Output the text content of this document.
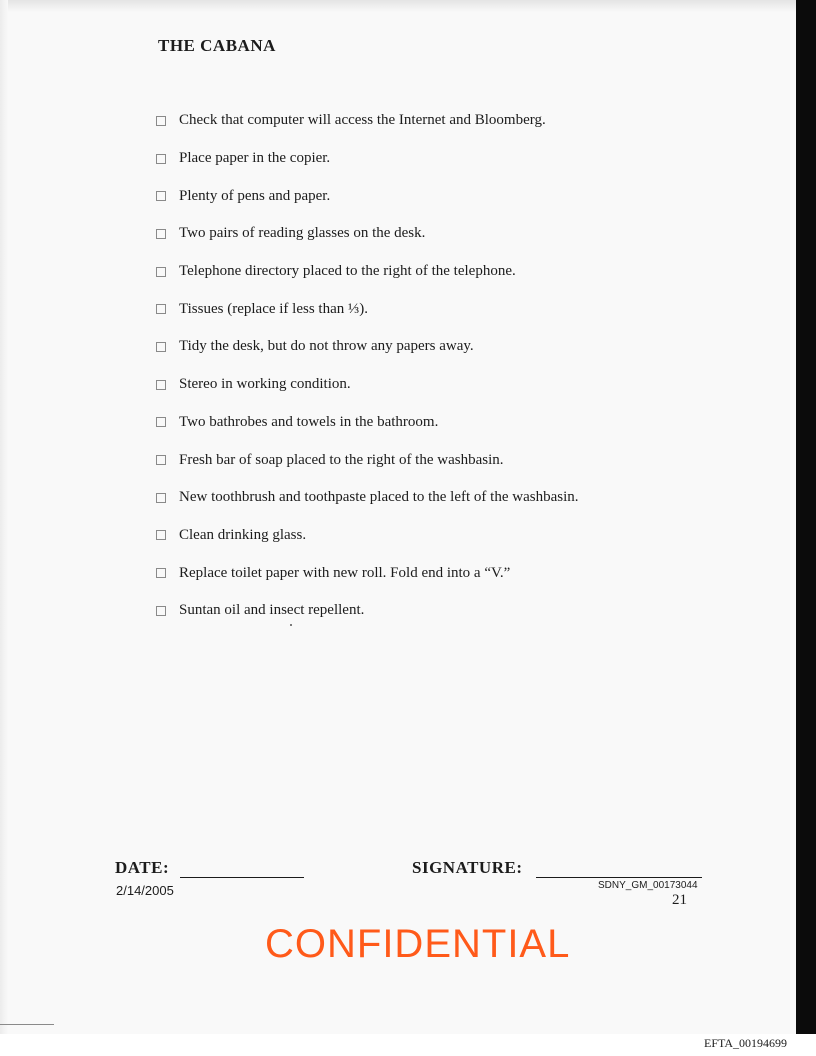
THE CABANA
Check that computer will access the Internet and Bloomberg.
Place paper in the copier.
Plenty of pens and paper.
Two pairs of reading glasses on the desk.
Telephone directory placed to the right of the telephone.
Tissues (replace if less than ⅓).
Tidy the desk, but do not throw any papers away.
Stereo in working condition.
Two bathrobes and towels in the bathroom.
Fresh bar of soap placed to the right of the washbasin.
New toothbrush and toothpaste placed to the left of the washbasin.
Clean drinking glass.
Replace toilet paper with new roll. Fold end into a “V.”
Suntan oil and insect repellent.
DATE:	SIGNATURE:
SDNY_GM_00173044
2/14/2005
21
CONFIDENTIAL
EFTA_00194699
